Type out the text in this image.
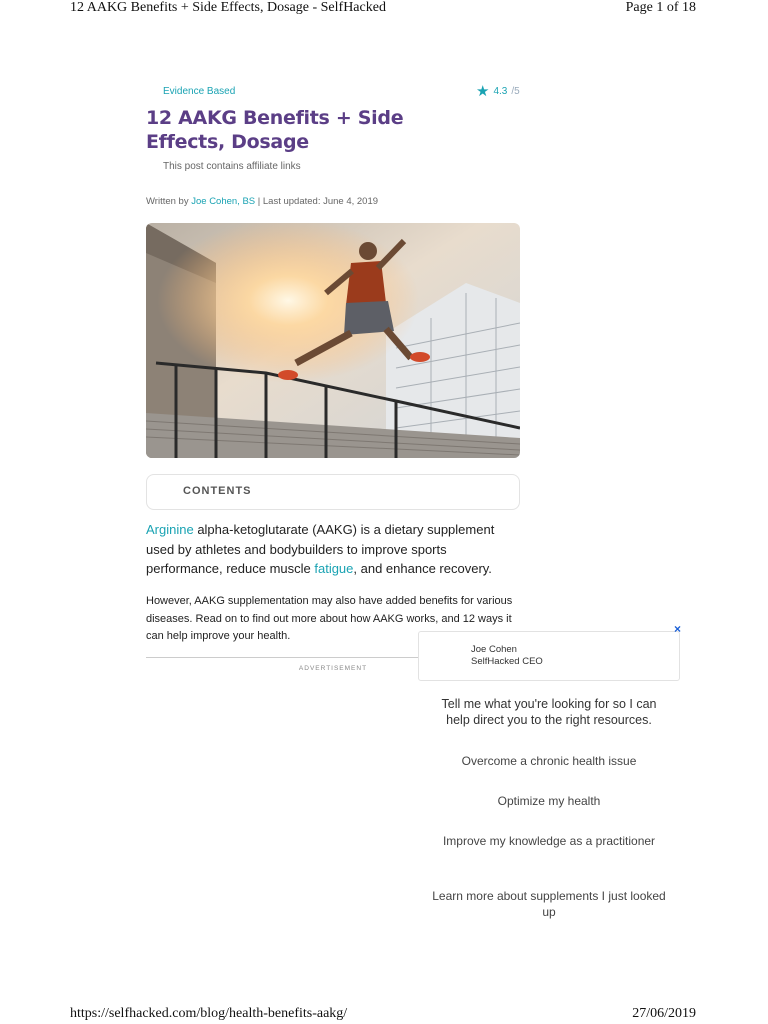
12 AAKG Benefits + Side Effects, Dosage - SelfHacked	Page 1 of 18
Evidence Based	★ 4.3 /5
12 AAKG Benefits + Side Effects, Dosage
This post contains affiliate links
Written by Joe Cohen, BS | Last updated: June 4, 2019
CONTENTS

Arginine alpha-ketoglutarate (AAKG) is a dietary supplement used by athletes and bodybuilders to improve sports performance, reduce muscle fatigue, and enhance recovery.

However, AAKG supplementation may also have added benefits for various diseases. Read on to find out more about how AAKG works, and 12 ways it can help improve your health.

ADVERTISEMENT
Joe Cohen
SelfHacked CEO
×
Tell me what you're looking for so I can help direct you to the right resources.
Overcome a chronic health issue
Optimize my health
Improve my knowledge as a practitioner
Learn more about supplements I just looked up
https://selfhacked.com/blog/health-benefits-aakg/	27/06/2019
